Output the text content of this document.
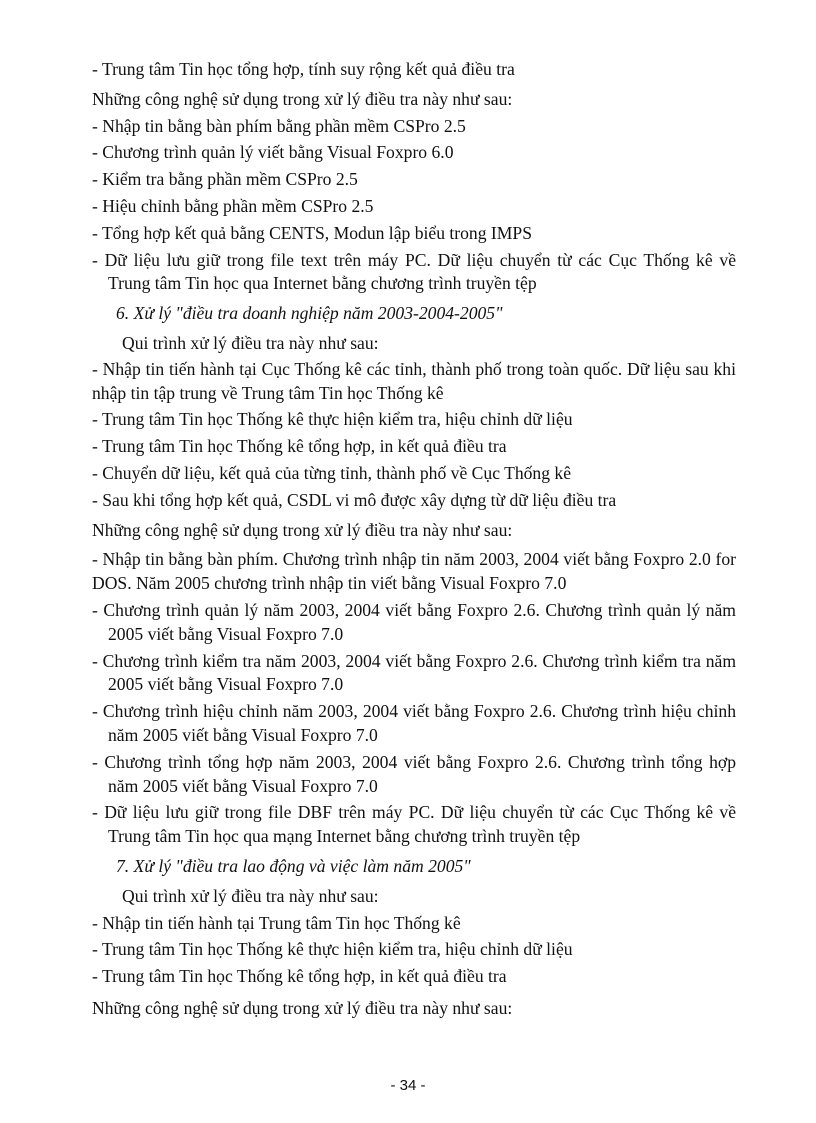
- Trung tâm Tin học tổng hợp, tính suy rộng kết quả điều tra

Những công nghệ sử dụng trong xử lý điều tra này như sau:

- Nhập tin bằng bàn phím bằng phần mềm CSPro 2.5

- Chương trình quản lý viết bằng Visual Foxpro 6.0

- Kiểm tra bằng phần mềm CSPro 2.5

- Hiệu chỉnh bằng phần mềm CSPro 2.5

- Tổng hợp kết quả bằng CENTS, Modun lập biểu trong IMPS

- Dữ liệu lưu giữ trong file text trên máy PC. Dữ liệu chuyển từ các Cục Thống kê về Trung tâm Tin học qua Internet bằng chương trình truyền tệp

6. Xử lý "điều tra doanh nghiệp năm 2003-2004-2005"

Qui trình xử lý điều tra này như sau:

- Nhập tin tiến hành tại Cục Thống kê các tỉnh, thành phố trong toàn quốc. Dữ liệu sau khi nhập tin tập trung về Trung tâm Tin học Thống kê

- Trung tâm Tin học Thống kê thực hiện kiểm tra, hiệu chỉnh dữ liệu

- Trung tâm Tin học Thống kê tổng hợp, in kết quả điều tra

- Chuyển dữ liệu, kết quả của từng tỉnh, thành phố về Cục Thống kê

- Sau khi tổng hợp kết quả, CSDL vi mô được xây dựng từ dữ liệu điều tra

Những công nghệ sử dụng trong xử lý điều tra này như sau:

- Nhập tin bằng bàn phím. Chương trình nhập tin năm 2003, 2004 viết bằng Foxpro 2.0 for DOS. Năm 2005 chương trình nhập tin viết bằng Visual Foxpro 7.0

- Chương trình quản lý năm 2003, 2004 viết bằng Foxpro 2.6. Chương trình quản lý năm 2005 viết bằng Visual Foxpro 7.0

- Chương trình kiểm tra năm 2003, 2004 viết bằng Foxpro 2.6. Chương trình kiểm tra năm 2005 viết bằng Visual Foxpro 7.0

- Chương trình hiệu chỉnh năm 2003, 2004 viết bằng Foxpro 2.6. Chương trình hiệu chỉnh năm 2005 viết bằng Visual Foxpro 7.0

- Chương trình tổng hợp năm 2003, 2004 viết bằng Foxpro 2.6. Chương trình tổng hợp năm 2005 viết bằng Visual Foxpro 7.0

- Dữ liệu lưu giữ trong file DBF trên máy PC. Dữ liệu chuyển từ các Cục Thống kê về Trung tâm Tin học qua mạng Internet bằng chương trình truyền tệp

7. Xử lý "điều tra lao động và việc làm năm 2005"

Qui trình xử lý điều tra này như sau:

- Nhập tin tiến hành tại Trung tâm Tin học Thống kê

- Trung tâm Tin học Thống kê thực hiện kiểm tra, hiệu chỉnh dữ liệu

- Trung tâm Tin học Thống kê tổng hợp, in kết quả điều tra

Những công nghệ sử dụng trong xử lý điều tra này như sau:

- 34 -
